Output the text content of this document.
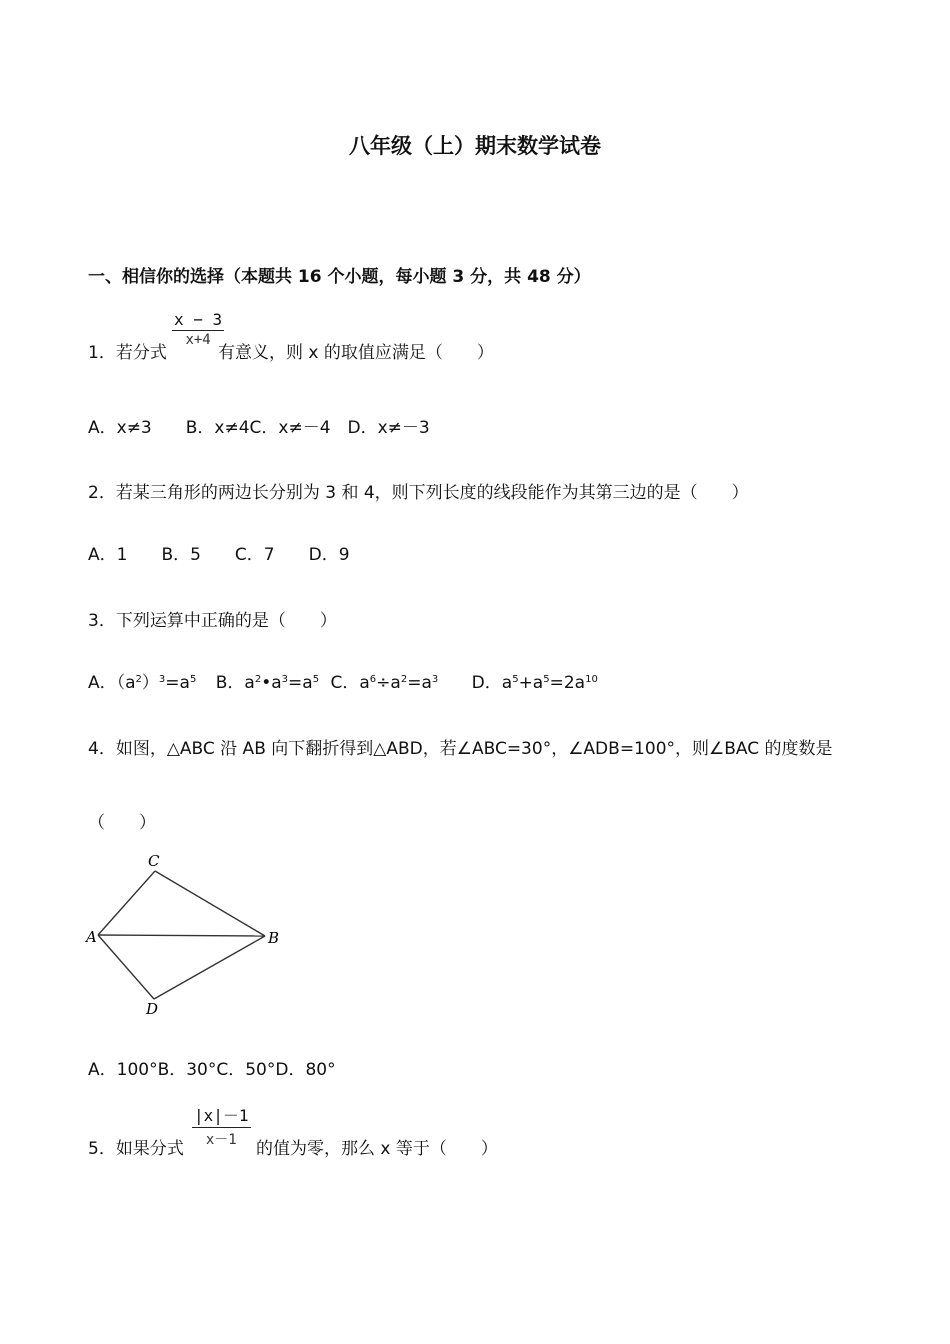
八年级（上）期末数学试卷
一、相信你的选择（本题共 16 个小题，每小题 3 分，共 48 分）
1．若分式
x − 3
x+4
有意义，则 x 的取值应满足（　　）
A．x≠3　　B．x≠4C．x≠－4　D．x≠－3
2．若某三角形的两边长分别为 3 和 4，则下列长度的线段能作为其第三边的是（　　）
A．1　　B．5　　C．7　　D．9
3．下列运算中正确的是（　　）
A．$(a^2)^3=a^5$ B．$a^2•a^3=a^5$ C．$a^6\div a^2=a^3$ D．$a^5+a^5=2a^{10}$
4．如图，△ABC 沿 AB 向下翻折得到△ABD，若∠ABC=30°，∠ADB=100°，则∠BAC 的度数是
（　　）
C
A	B
D
A．100°B．30°C．50°D．80°
5．如果分式
|x|－1
x－1	的值为零，那么 x 等于（　　）
